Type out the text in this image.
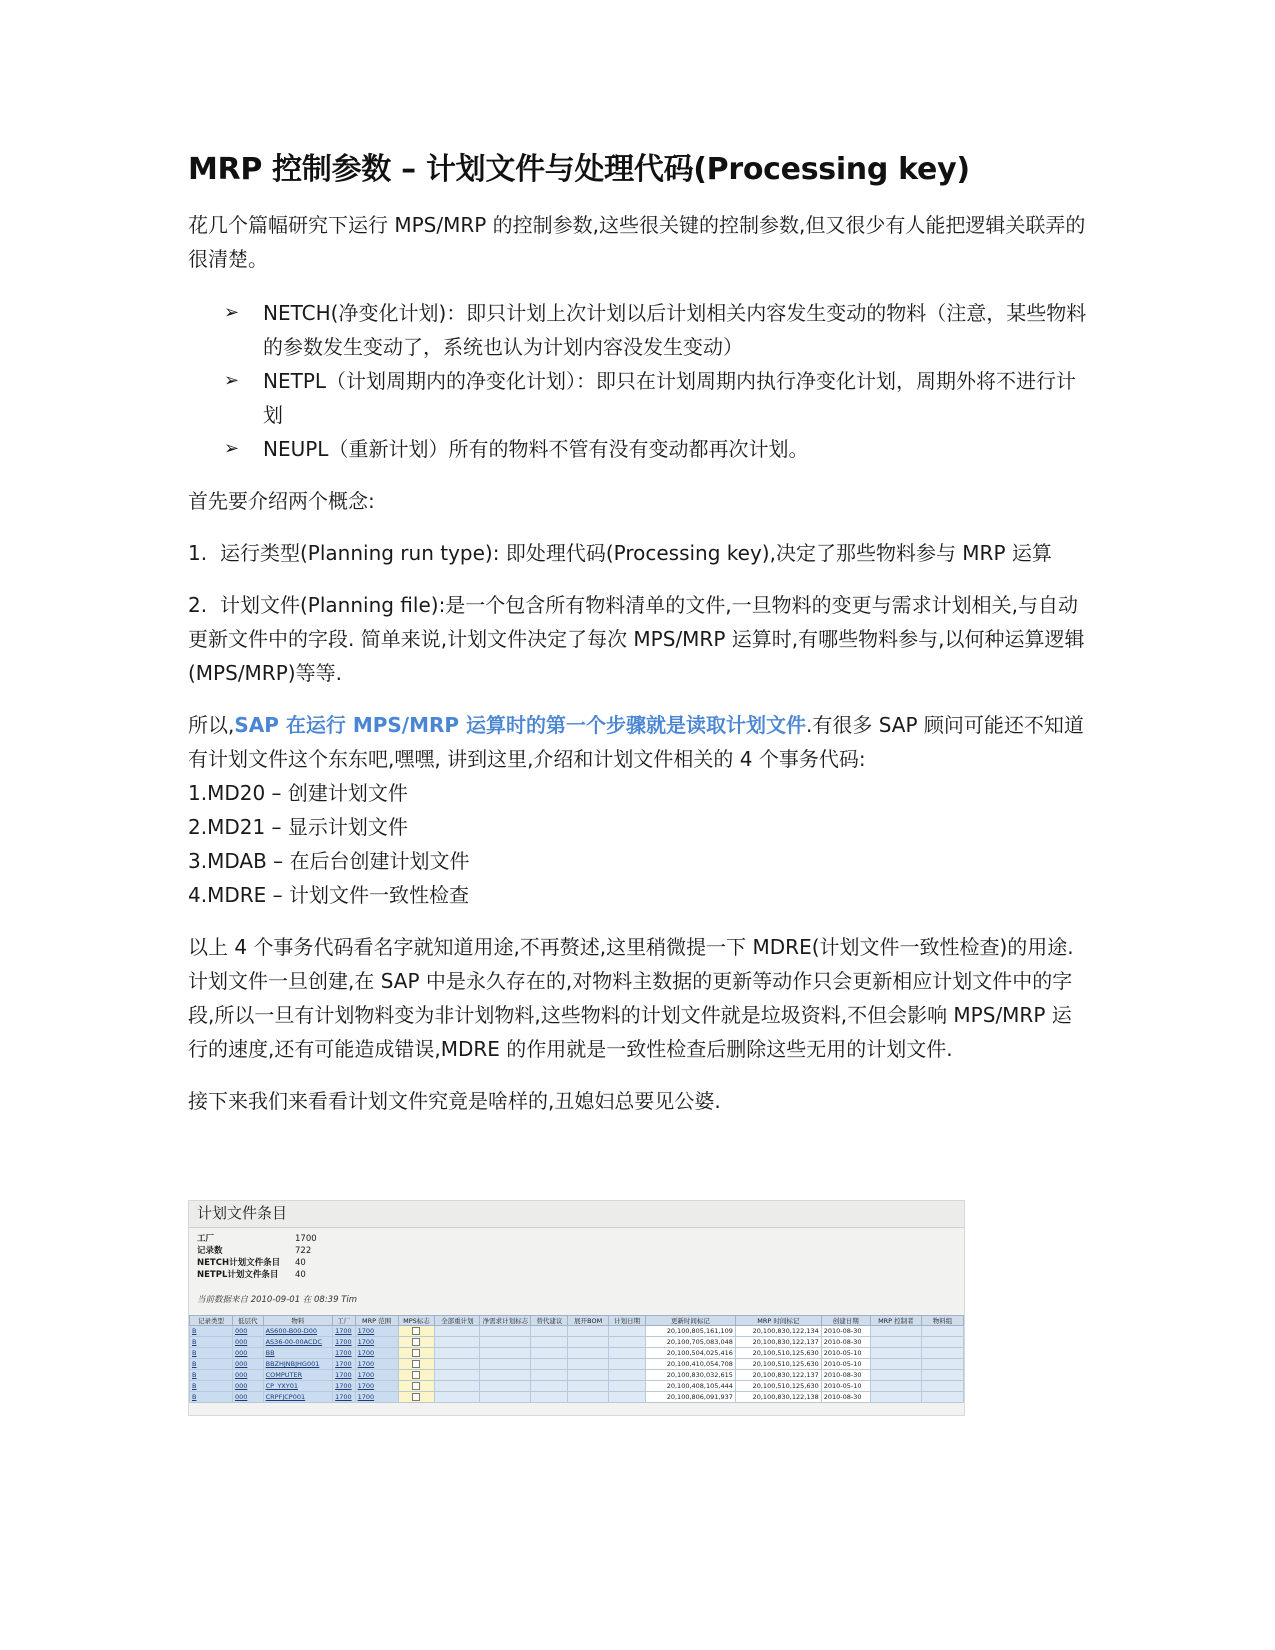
MRP 控制参数 – 计划文件与处理代码(Processing key)

花几个篇幅研究下运行 MPS/MRP 的控制参数,这些很关键的控制参数,但又很少有人能把逻辑关联弄的很清楚。

➢ NETCH(净变化计划)：即只计划上次计划以后计划相关内容发生变动的物料（注意，某些物料的参数发生变动了，系统也认为计划内容没发生变动）
➢ NETPL（计划周期内的净变化计划）：即只在计划周期内执行净变化计划，周期外将不进行计划
➢ NEUPL（重新计划）所有的物料不管有没有变动都再次计划。

首先要介绍两个概念:

1. 运行类型(Planning run type): 即处理代码(Processing key),决定了那些物料参与 MRP 运算

2. 计划文件(Planning file):是一个包含所有物料清单的文件,一旦物料的变更与需求计划相关,与自动更新文件中的字段. 简单来说,计划文件决定了每次 MPS/MRP 运算时,有哪些物料参与,以何种运算逻辑(MPS/MRP)等等.

所以,SAP 在运行 MPS/MRP 运算时的第一个步骤就是读取计划文件.有很多 SAP 顾问可能还不知道有计划文件这个东东吧,嘿嘿, 讲到这里,介绍和计划文件相关的 4 个事务代码:

1.MD20 – 创建计划文件
2.MD21 – 显示计划文件
3.MDAB – 在后台创建计划文件
4.MDRE – 计划文件一致性检查

以上 4 个事务代码看名字就知道用途,不再赘述,这里稍微提一下 MDRE(计划文件一致性检查)的用途. 计划文件一旦创建,在 SAP 中是永久存在的,对物料主数据的更新等动作只会更新相应计划文件中的字段,所以一旦有计划物料变为非计划物料,这些物料的计划文件就是垃圾资料,不但会影响 MPS/MRP 运行的速度,还有可能造成错误,MDRE 的作用就是一致性检查后删除这些无用的计划文件.

接下来我们来看看计划文件究竟是啥样的,丑媳妇总要见公婆.

计划文件条目
工厂	1700
记录数	722
NETCH计划文件条目	40
NETPL计划文件条目	40
当前数据来自 2010-09-01 在 08:39 Tim
记录类型	低层代	物料	工厂	MRP 范围	MPS标志	全部重计划	净需求计划标志	替代建议	展开BOM	计划日期	更新时间标记	MRP 时间标记	创建日期	MRP 控制者	物料组
B	000	AS600-B00-D00	1700	1700							20,100,805,161,109	20,100,830,122,134	2010-08-30		
B	000	AS36-00-00ACDC	1700	1700							20,100,705,083,048	20,100,830,122,137	2010-08-30		
B	000	BB	1700	1700							20,100,504,025,416	20,100,510,125,630	2010-05-10		
B	000	BBZHJNBJHG001	1700	1700							20,100,410,054,708	20,100,510,125,630	2010-05-10		
B	000	COMPUTER	1700	1700							20,100,830,032,615	20,100,830,122,137	2010-08-30		
B	000	CP_YXY01	1700	1700							20,100,408,105,444	20,100,510,125,630	2010-05-10		
B	000	CRPFJCP001	1700	1700							20,100,806,091,937	20,100,830,122,138	2010-08-30		
